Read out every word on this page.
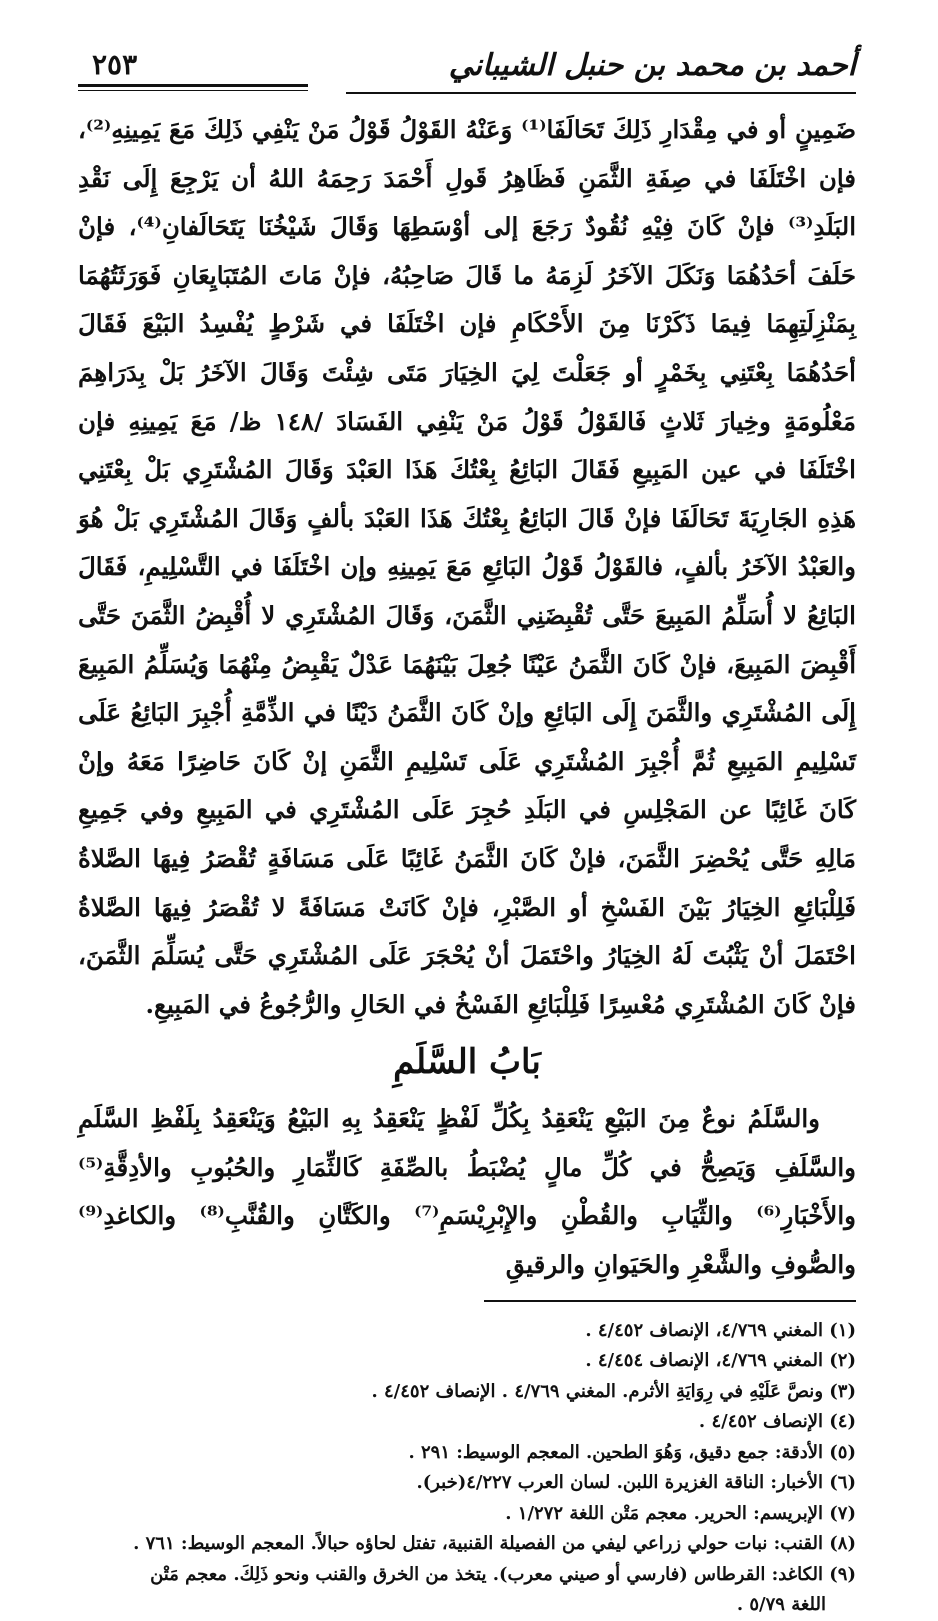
٢٥٣	أحمد بن محمد بن حنبل الشيباني

ضَمِينٍ أو في مِقْدَارِ ذَلِكَ تَحَالَفَا⁽¹⁾ وَعَنْهُ القَوْلُ قَوْلُ مَنْ يَنْفِي ذَلِكَ مَعَ يَمِينِهِ⁽²⁾، فإن اخْتَلَفَا في صِفَةِ الثَّمَنِ فَظَاهِرُ قَولِ أَحْمَدَ رَحِمَهُ اللهُ أن يَرْجِعَ إِلَى نَقْدِ البَلَدِ⁽³⁾ فإنْ كَانَ فِيْهِ نُقُودٌ رَجَعَ إلى أوْسَطِهَا وَقَالَ شَيْخُنَا يَتَحَالَفانِ⁽⁴⁾، فإنْ حَلَفَ أحَدُهُمَا وَنَكَلَ الآخَرُ لَزِمَهُ ما قَالَ صَاحِبُهُ، فإنْ مَاتَ المُتَبَايِعَانِ فَوَرَثَتُهُمَا بِمَنْزِلَتِهِمَا فِيمَا ذَكَرْنَا مِنَ الأَحْكَامِ فإن اخْتَلَفَا في شَرْطٍ يُفْسِدُ البَيْعَ فَقَالَ أحَدُهُمَا بِعْتَنِي بِخَمْرٍ أو جَعَلْتَ لِيَ الخِيَارَ مَتَى شِئْتَ وَقَالَ الآخَرُ بَلْ بِدَرَاهِمَ مَعْلُومَةٍ وخِيارَ ثَلاثٍ فَالقَوْلُ قَوْلُ مَنْ يَنْفِي الفَسَادَ /١٤٨ ظ/ مَعَ يَمِينِهِ فإن اخْتَلَفَا في عين المَبِيعِ فَقَالَ البَائِعُ بِعْتُكَ هَذَا العَبْدَ وَقَالَ المُشْتَرِي بَلْ بِعْتَنِي هَذِهِ الجَارِيَةَ تَحَالَفَا فإنْ قَالَ البَائِعُ بِعْتُكَ هَذَا العَبْدَ بألفٍ وَقَالَ المُشْتَرِي بَلْ هُوَ والعَبْدُ الآخَرُ بألفٍ، فالقَوْلُ قَوْلُ البَائِعِ مَعَ يَمِينِهِ وإن اخْتَلَفَا في التَّسْلِيمِ، فَقَالَ البَائِعُ لا أُسَلِّمُ المَبِيعَ حَتَّى تُقْبِضَنِي الثَّمَنَ، وَقَالَ المُشْتَرِي لا أُقْبِضُ الثَّمَنَ حَتَّى أَقْبِضَ المَبِيعَ، فإنْ كَانَ الثَّمَنُ عَيْنًا جُعِلَ بَيْنَهُمَا عَدْلٌ يَقْبِضُ مِنْهُمَا وَيُسَلِّمُ المَبِيعَ إِلَى المُشْتَرِي والثَّمَنَ إِلَى البَائِعِ وإنْ كَانَ الثَّمَنُ دَيْنًا في الذِّمَّةِ أُجْبِرَ البَائِعُ عَلَى تَسْلِيمِ المَبِيعِ ثُمَّ أُجْبِرَ المُشْتَرِي عَلَى تَسْلِيمِ الثَّمَنِ إنْ كَانَ حَاضِرًا مَعَهُ وإنْ كَانَ غَائِبًا عن المَجْلِسِ في البَلَدِ حُجِرَ عَلَى المُشْتَرِي في المَبِيعِ وفي جَمِيعِ مَالِهِ حَتَّى يُحْضِرَ الثَّمَنَ، فإنْ كَانَ الثَّمَنُ غَائِبًا عَلَى مَسَافَةٍ تُقْصَرُ فِيهَا الصَّلاةُ فَلِلْبَائِعِ الخِيَارُ بَيْنَ الفَسْخِ أو الصَّبْرِ، فإنْ كَانَتْ مَسَافَةً لا تُقْصَرُ فِيهَا الصَّلاةُ احْتَمَلَ أنْ يَثْبُتَ لَهُ الخِيَارُ واحْتَمَلَ أنْ يُحْجَرَ عَلَى المُشْتَرِي حَتَّى يُسَلِّمَ الثَّمَنَ، فإنْ كَانَ المُشْتَرِي مُعْسِرًا فَلِلْبَائِعِ الفَسْخُ في الحَالِ والرُّجُوعُ في المَبِيعِ.

بَابُ السَّلَمِ

والسَّلَمُ نوعٌ مِنَ البَيْعِ يَنْعَقِدُ بِكُلِّ لَفْظٍ يَنْعَقِدُ بِهِ البَيْعُ وَيَنْعَقِدُ بِلَفْظِ السَّلَمِ والسَّلَفِ وَيَصِحُّ في كُلِّ مالٍ يُضْبَطُ بالصِّفَةِ كَالثِّمَارِ والحُبُوبِ والأدِقَّةِ⁽⁵⁾ والأَخْبَارِ⁽⁶⁾ والثِّيَابِ والقُطْنِ والإِبْرِيْسَمِ⁽⁷⁾ والكَتَّانِ والقُنَّبِ⁽⁸⁾ والكاغدِ⁽⁹⁾ والصُّوفِ والشَّعْرِ والحَيَوانِ والرقيقِ

(١) المغني ٤/٧٦٩، الإنصاف ٤/٤٥٢ .

(٢) المغني ٤/٧٦٩، الإنصاف ٤/٤٥٤ .

(٣) ونصَّ عَلَيْهِ في رِوَايَةِ الأثرم. المغني ٤/٧٦٩ . الإنصاف ٤/٤٥٢ .

(٤) الإنصاف ٤/٤٥٢ .

(٥) الأدقة: جمع دقيق، وَهُوَ الطحين. المعجم الوسيط: ٢٩١ .

(٦) الأخبار: الناقة الغزيرة اللبن. لسان العرب ٤/٢٢٧(خبر).

(٧) الإبريسم: الحرير. معجم مَتْن اللغة ١/٢٧٢ .

(٨) القنب: نبات حولي زراعي ليفي من الفصيلة القنبية، تفتل لحاؤه حبالاً. المعجم الوسيط: ٧٦١ .

(٩) الكاغد: القرطاس (فارسي أو صيني معرب). يتخذ من الخرق والقنب ونحو ذَلِكَ. معجم مَتْن

اللغة ٥/٧٩ .
